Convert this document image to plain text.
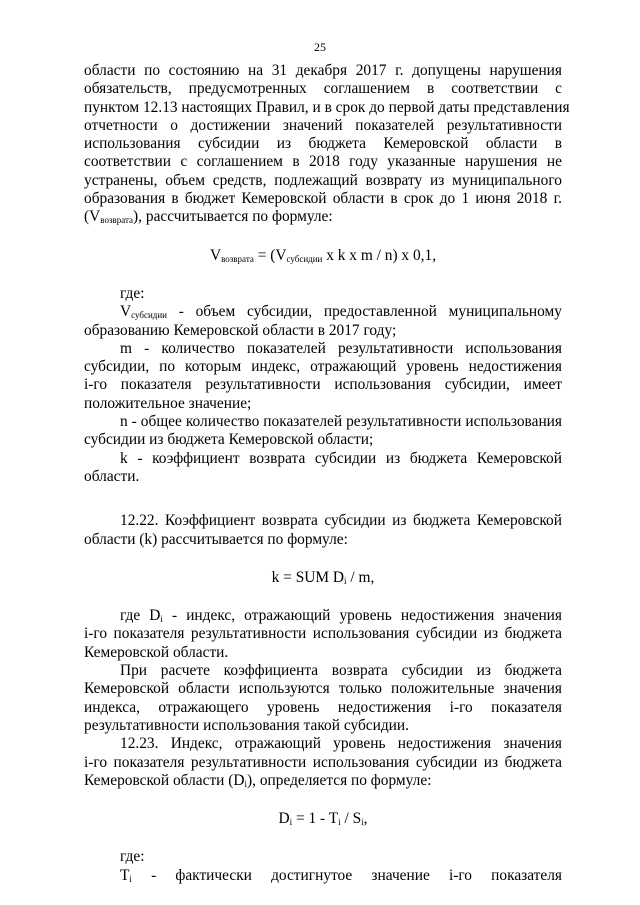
25
области по состоянию на 31 декабря 2017 г. допущены нарушения
обязательств, предусмотренных соглашением в соответствии с
пунктом 12.13 настоящих Правил, и в срок до первой даты представления
отчетности о достижении значений показателей результативности
использования субсидии из бюджета Кемеровской области в
соответствии с соглашением в 2018 году указанные нарушения не
устранены, объем средств, подлежащий возврату из муниципального
образования в бюджет Кемеровской области в срок до 1 июня 2018 г.
$(V_{возврата})$, рассчитывается по формуле:
$V_{возврата} = (V_{субсидии}$ x k x m / n) x 0,1,
где:
$V_{субсидии}$ - объем субсидии, предоставленной муниципальному
образованию Кемеровской области в 2017 году;
m - количество показателей результативности использования
субсидии, по которым индекс, отражающий уровень недостижения
i-го показателя результативности использования субсидии, имеет
положительное значение;
n - общее количество показателей результативности использования
субсидии из бюджета Кемеровской области;
k - коэффициент возврата субсидии из бюджета Кемеровской
области.
12.22. Коэффициент возврата субсидии из бюджета Кемеровской
области (k) рассчитывается по формуле:
k = SUM $D_i$ / m,
где $D_i$ - индекс, отражающий уровень недостижения значения
i-го показателя результативности использования субсидии из бюджета
Кемеровской области.
При расчете коэффициента возврата субсидии из бюджета
Кемеровской области используются только положительные значения
индекса, отражающего уровень недостижения i-го показателя
результативности использования такой субсидии.
12.23. Индекс, отражающий уровень недостижения значения
i-го показателя результативности использования субсидии из бюджета
Кемеровской области $(D_i)$, определяется по формуле:
$D_i = 1 - T_i / S_i$,
где:
$T_i$ - фактически достигнутое значение i-го показателя
